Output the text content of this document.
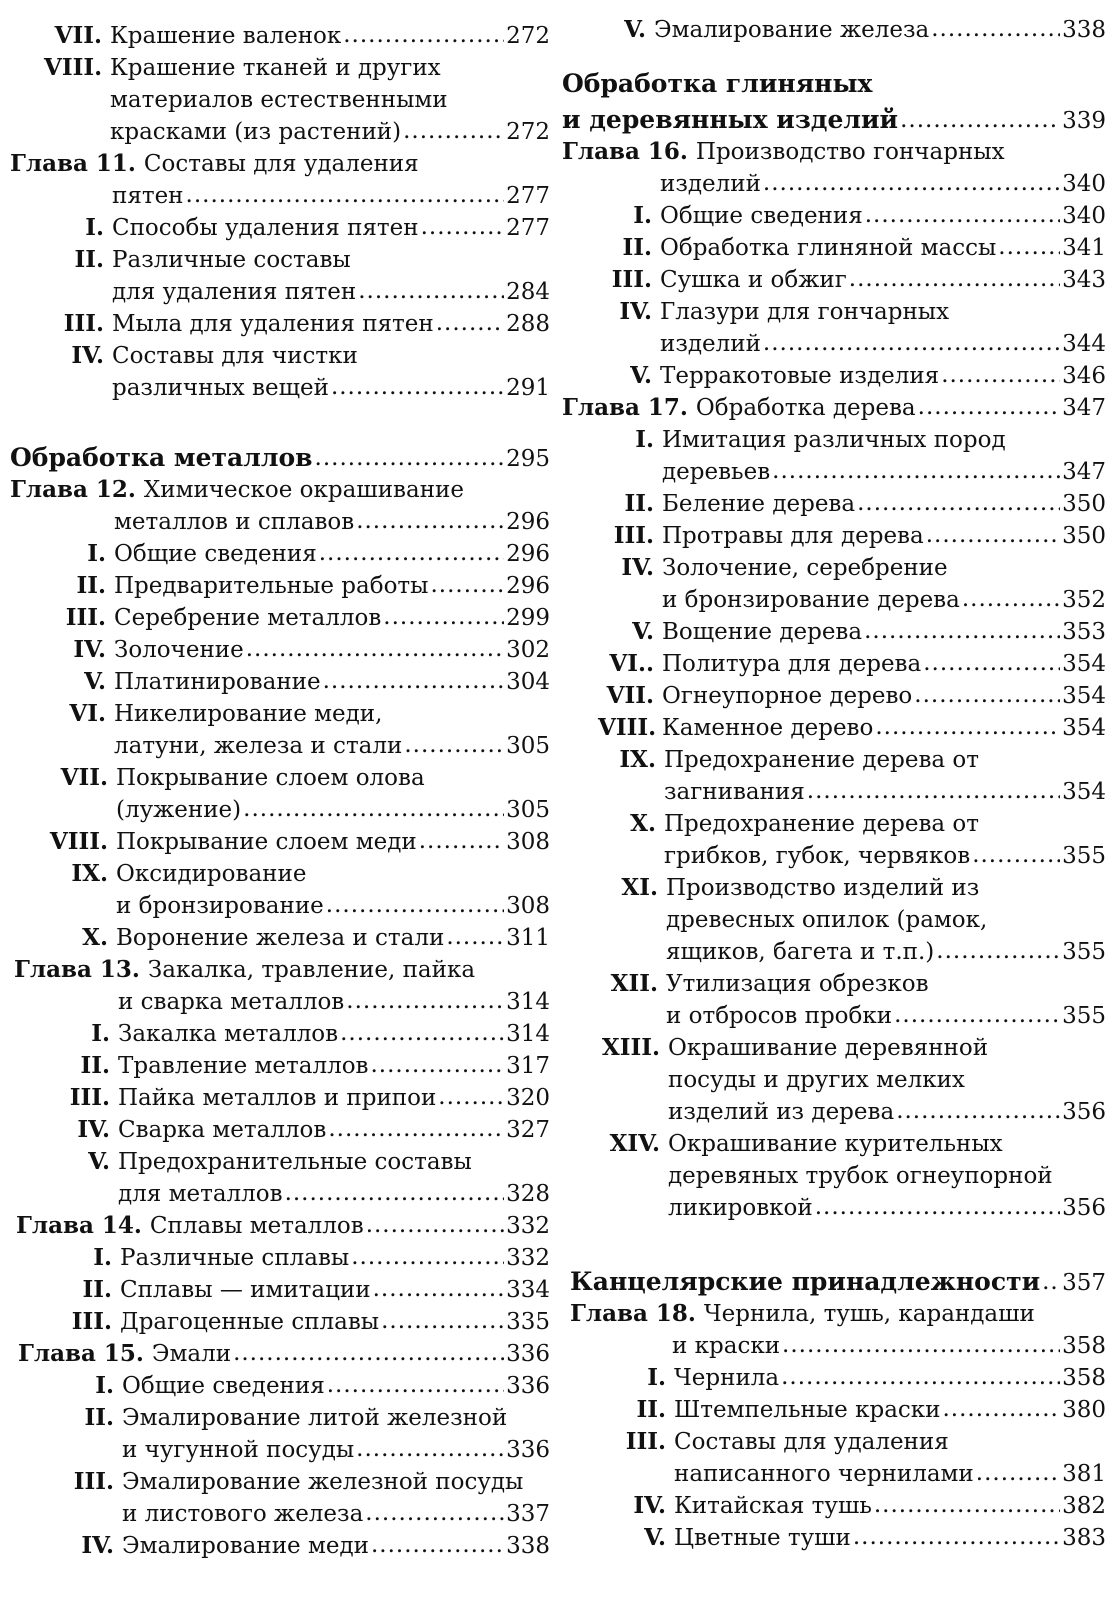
VII. Крашение валенок .....	272
VIII. Крашение тканей и других
материалов естественными
красками (из растений) .....	272
Глава 11. Составы для удаления
пятен .....	277
I. Способы удаления пятен .....	277
II. Различные составы
для удаления пятен .....	284
III. Мыла для удаления пятен .....	288
IV. Составы для чистки
различных вещей .....	291
Обработка металлов .....	295
Глава 12. Химическое окрашивание
металлов и сплавов .....	296
I. Общие сведения .....	296
II. Предварительные работы .....	296
III. Серебрение металлов .....	299
IV. Золочение .....	302
V. Платинирование .....	304
VI. Никелирование меди,
латуни, железа и стали .....	305
VII. Покрывание слоем олова
(лужение) .....	305
VIII. Покрывание слоем меди .....	308
IX. Оксидирование
и бронзирование .....	308
X. Воронение железа и стали .....	311
Глава 13. Закалка, травление, пайка
и сварка металлов .....	314
I. Закалка металлов .....	314
II. Травление металлов .....	317
III. Пайка металлов и припои .....	320
IV. Сварка металлов .....	327
V. Предохранительные составы
для металлов .....	328
Глава 14. Сплавы металлов .....	332
I. Различные сплавы .....	332
II. Сплавы — имитации .....	334
III. Драгоценные сплавы .....	335
Глава 15. Эмали .....	336
I. Общие сведения .....	336
II. Эмалирование литой железной
и чугунной посуды .....	336
III. Эмалирование железной посуды
и листового железа .....	337
IV. Эмалирование меди .....	338
V. Эмалирование железа .....	338
Обработка глиняных
и деревянных изделий .....	339
Глава 16. Производство гончарных
изделий .....	340
I. Общие сведения .....	340
II. Обработка глиняной массы .....	341
III. Сушка и обжиг .....	343
IV. Глазури для гончарных
изделий .....	344
V. Терракотовые изделия .....	346
Глава 17. Обработка дерева .....	347
I. Имитация различных пород
деревьев .....	347
II. Беление дерева .....	350
III. Протравы для дерева .....	350
IV. Золочение, серебрение
и бронзирование дерева .....	352
V. Вощение дерева .....	353
VI.. Политура для дерева .....	354
VII. Огнеупорное дерево .....	354
VIII. Каменное дерево .....	354
IX. Предохранение дерева от
загнивания .....	354
X. Предохранение дерева от
грибков, губок, червяков .....	355
XI. Производство изделий из
древесных опилок (рамок,
ящиков, багета и т.п.) .....	355
XII. Утилизация обрезков
и отбросов пробки .....	355
XIII. Окрашивание деревянной
посуды и других мелких
изделий из дерева .....	356
XIV. Окрашивание курительных
деревяных трубок огнеупорной
ликировкой .....	356
Канцелярские принадлежности ..... 357
Глава 18. Чернила, тушь, карандаши
и краски .....	358
I. Чернила .....	358
II. Штемпельные краски .....	380
III. Составы для удаления
написанного чернилами .....	381
IV. Китайская тушь .....	382
V. Цветные туши .....	383
